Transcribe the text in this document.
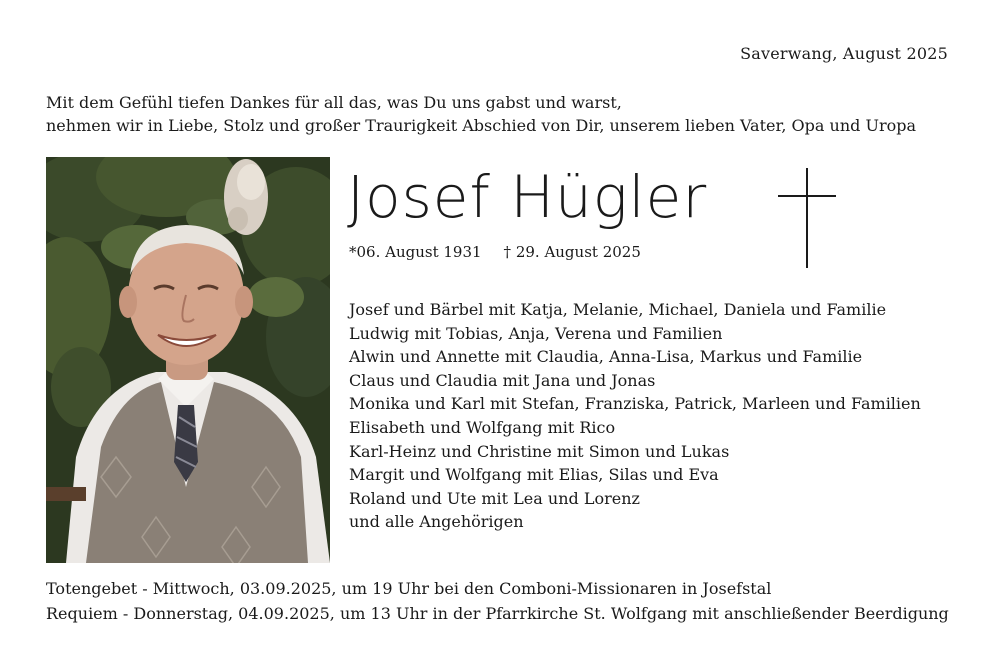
Saverwang, August 2025
Mit dem Gefühl tiefen Dankes für all das, was Du uns gabst und warst,
nehmen wir in Liebe, Stolz und großer Traurigkeit Abschied von Dir, unserem lieben Vater, Opa und Uropa
Josef Hügler
*06. August 1931 † 29. August 2025
Josef und Bärbel mit Katja, Melanie, Michael, Daniela und Familie
Ludwig mit Tobias, Anja, Verena und Familien
Alwin und Annette mit Claudia, Anna-Lisa, Markus und Familie
Claus und Claudia mit Jana und Jonas
Monika und Karl mit Stefan, Franziska, Patrick, Marleen und Familien
Elisabeth und Wolfgang mit Rico
Karl-Heinz und Christine mit Simon und Lukas
Margit und Wolfgang mit Elias, Silas und Eva
Roland und Ute mit Lea und Lorenz
und alle Angehörigen
Totengebet - Mittwoch, 03.09.2025, um 19 Uhr bei den Comboni-Missionaren in Josefstal
Requiem - Donnerstag, 04.09.2025, um 13 Uhr in der Pfarrkirche St. Wolfgang mit anschließender Beerdigung
